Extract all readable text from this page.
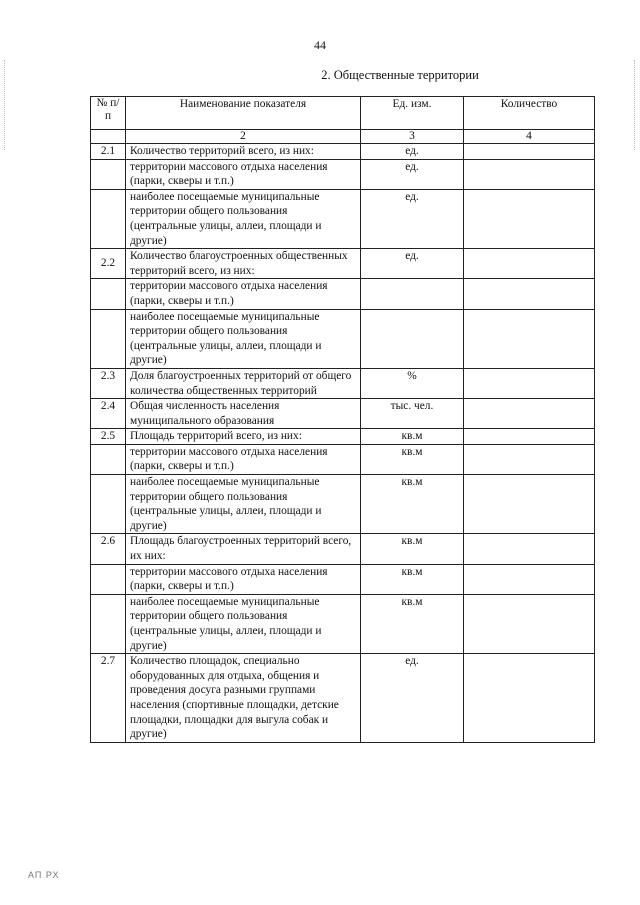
44
2. Общественные территории
№ п/п	Наименование показателя	Ед. изм.	Количество
	2	3	4
2.1	Количество территорий всего, из них:	ед.	
	территории массового отдыха населения (парки, скверы и т.п.)	ед.	
	наиболее посещаемые муниципальные территории общего пользования (центральные улицы, аллеи, площади и другие)	ед.	
2.2	Количество благоустроенных общественных территорий всего, из них:	ед.	
	территории массового отдыха населения (парки, скверы и т.п.)		
	наиболее посещаемые муниципальные территории общего пользования (центральные улицы, аллеи, площади и другие)		
2.3	Доля благоустроенных территорий от общего количества общественных территорий	%	
2.4	Общая численность населения муниципального образования	тыс. чел.	
2.5	Площадь территорий всего, из них:	кв.м	
	территории массового отдыха населения (парки, скверы и т.п.)	кв.м	
	наиболее посещаемые муниципальные территории общего пользования (центральные улицы, аллеи, площади и другие)	кв.м	
2.6	Площадь благоустроенных территорий всего, их них:	кв.м	
	территории массового отдыха населения (парки, скверы и т.п.)	кв.м	
	наиболее посещаемые муниципальные территории общего пользования (центральные улицы, аллеи, площади и другие)	кв.м	
2.7	Количество площадок, специально оборудованных для отдыха, общения и проведения досуга разными группами населения (спортивные площадки, детские площадки, площадки для выгула собак и другие)	ед.	
АП РХ
